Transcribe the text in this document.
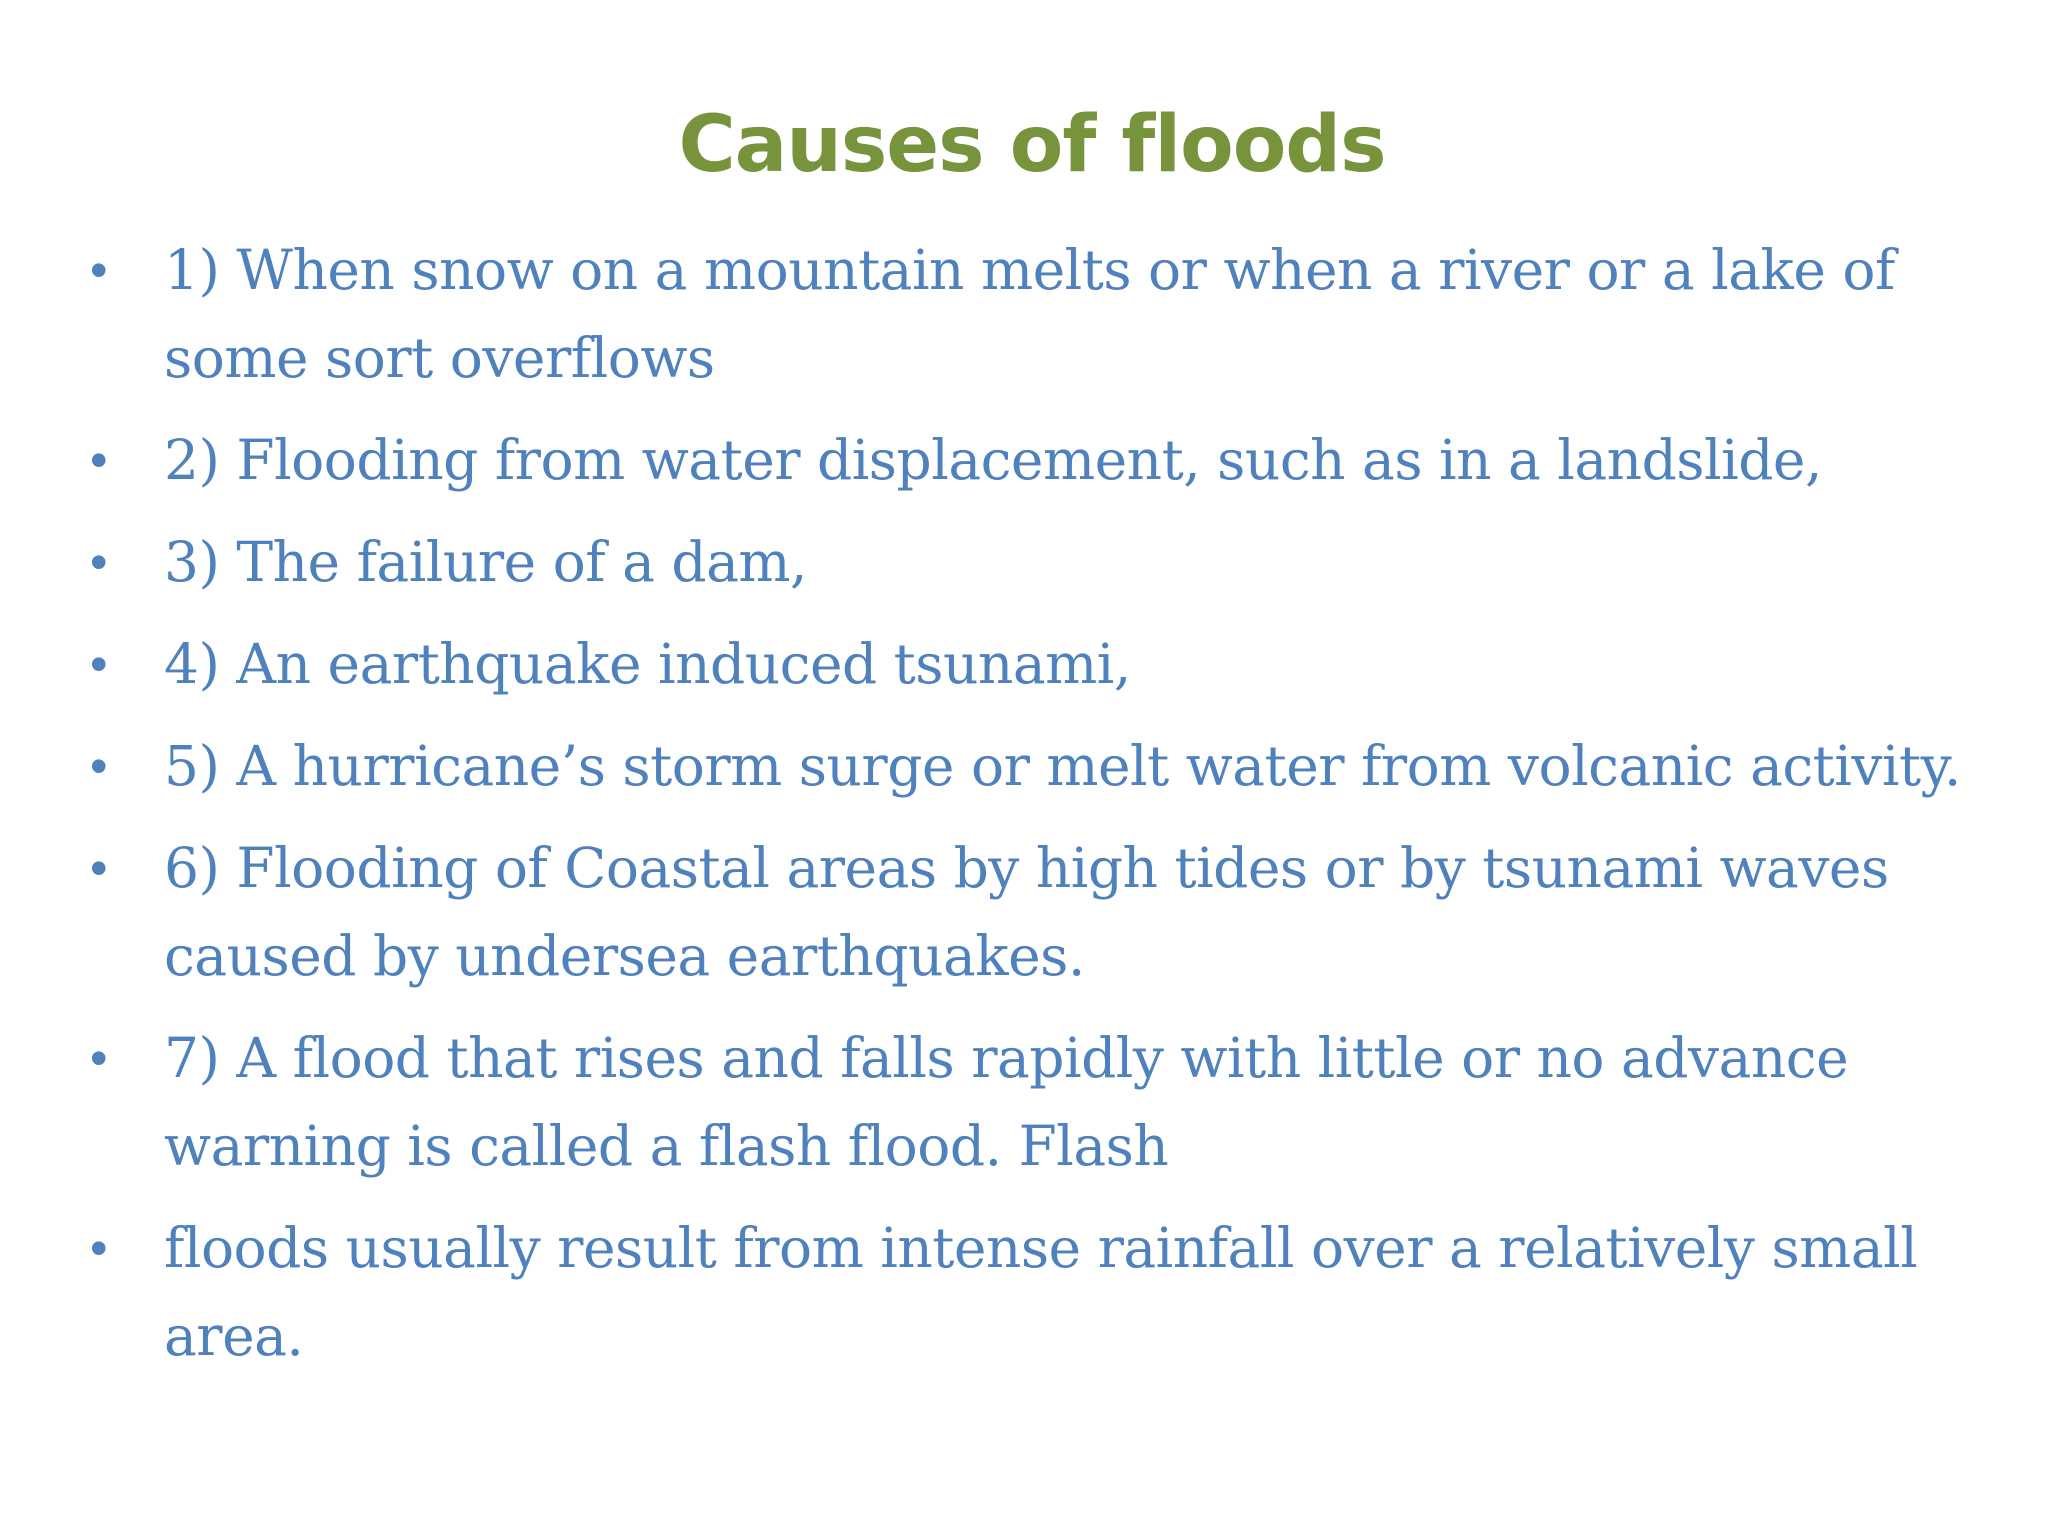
Causes of floods
•	1) When snow on a mountain melts or when a river or a lake of some sort overflows
•	2) Flooding from water displacement, such as in a landslide,
•	3) The failure of a dam,
•	4) An earthquake induced tsunami,
•	5) A hurricane’s storm surge or melt water from volcanic activity.
•	6) Flooding of Coastal areas by high tides or by tsunami waves caused by undersea earthquakes.
•	7) A flood that rises and falls rapidly with little or no advance warning is called a flash flood. Flash
•	floods usually result from intense rainfall over a relatively small area.
